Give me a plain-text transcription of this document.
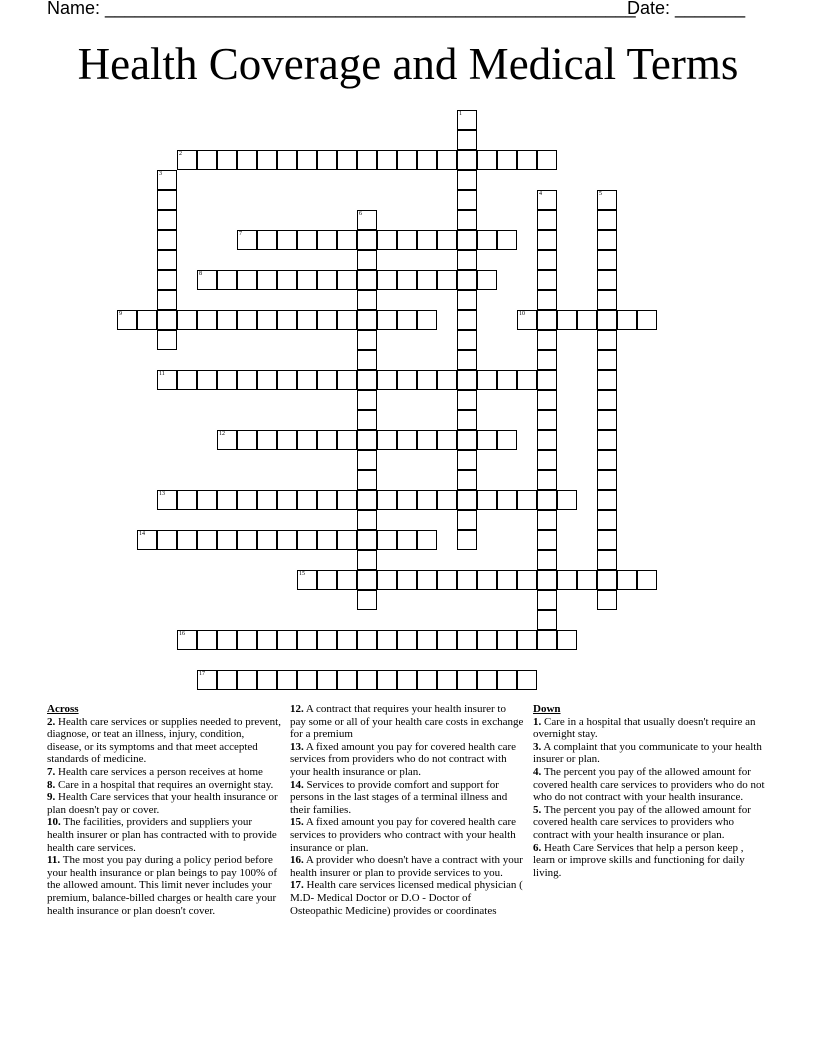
Name: _____________________________________________________
Date: _______
Health Coverage and Medical Terms
1
2
3
4	5
6
7
8
9	10
11
12
13
14
15
16
17
Across
2. Health care services or supplies needed to prevent, diagnose, or teat an illness, injury, condition, disease, or its symptoms and that meet accepted standards of medicine.
7. Health care services a person receives at home
8. Care in a hospital that requires an overnight stay.
9. Health Care services that your health insurance or plan doesn't pay or cover.
10. The facilities, providers and suppliers your health insurer or plan has contracted with to provide health care services.
11. The most you pay during a policy period before your health insurance or plan beings to pay 100% of the allowed amount. This limit never includes your premium, balance-billed charges or health care your health insurance or plan doesn't cover.
12. A contract that requires your health insurer to pay some or all of your health care costs in exchange for a premium
13. A fixed amount you pay for covered health care services from providers who do not contract with your health insurance or plan.
14. Services to provide comfort and support for persons in the last stages of a terminal illness and their families.
15. A fixed amount you pay for covered health care services to providers who contract with your health insurance or plan.
16. A provider who doesn't have a contract with your health insurer or plan to provide services to you.
17. Health care services licensed medical physician ( M.D- Medical Doctor or D.O - Doctor of Osteopathic Medicine) provides or coordinates
Down
1. Care in a hospital that usually doesn't require an overnight stay.
3. A complaint that you communicate to your health insurer or plan.
4. The percent you pay of the allowed amount for covered health care services to providers who do not who do not contract with your health insurance.
5. The percent you pay of the allowed amount for covered health care services to providers who contract with your health insurance or plan.
6. Heath Care Services that help a person keep , learn or improve skills and functioning for daily living.
